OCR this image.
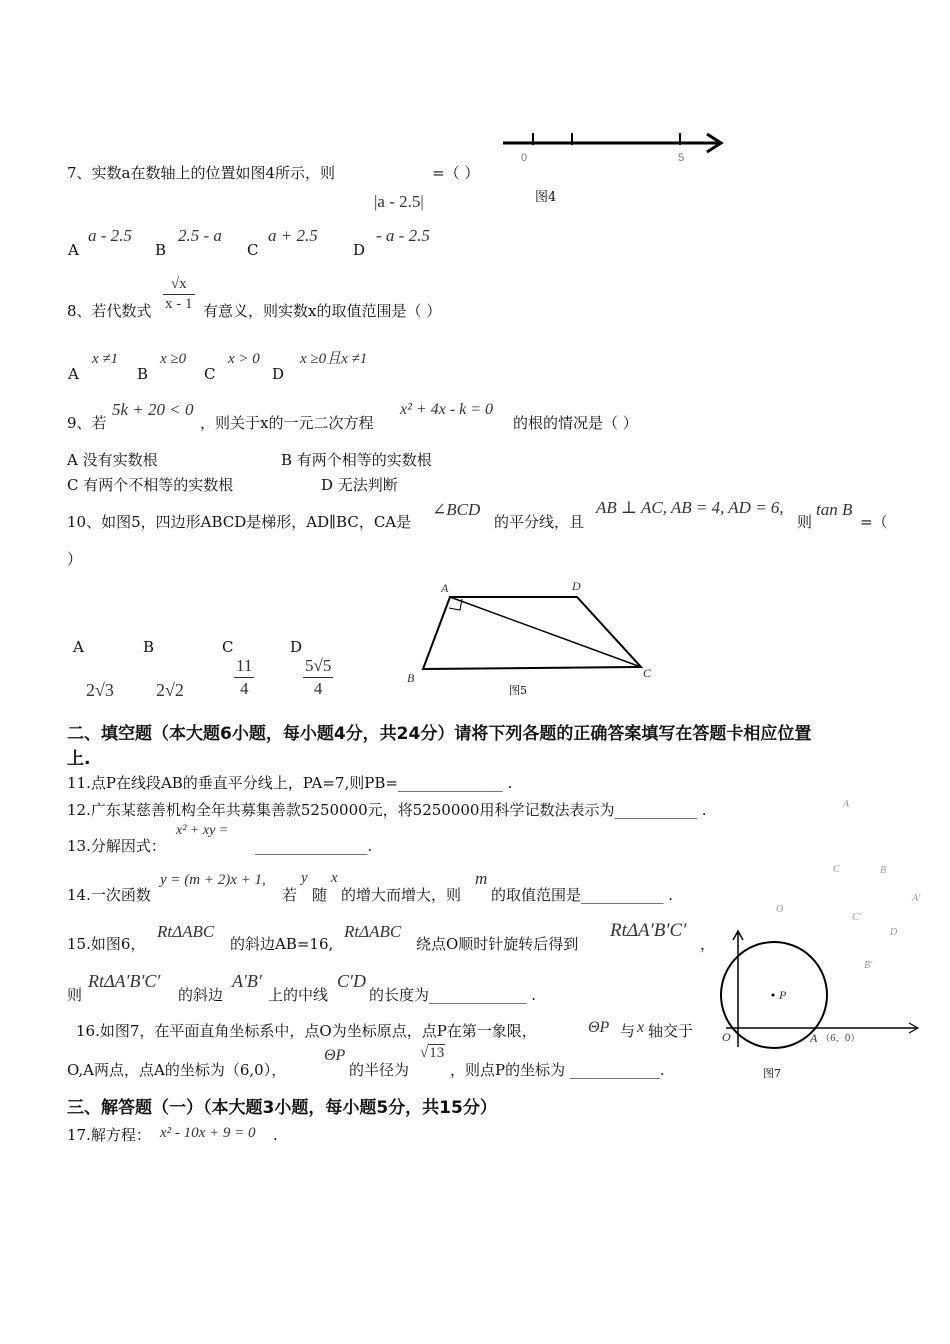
0	5
7、实数a在数轴上的位置如图4所示，则	=（ ）
|a - 2.5|	图4
A
a - 2.5
B
2.5 - a
C
a + 2.5
D
- a - 2.5
8、若代数式 $\frac{√x}{x - 1}$ 有意义，则实数x的取值范围是（ ）
A
x ≠1
B
x ≥0
C
x > 0
D
x ≥0且x ≠1
9、若
5k + 20 < 0
，则关于x的一元二次方程
x² + 4x - k = 0
的根的情况是（ ）
A 没有实数根	B 有两个相等的实数根
C 有两个不相等的实数根	D 无法判断
10、如图5，四边形ABCD是梯形，AD∥BC，CA是
∠BCD
的平分线，且
AB ⊥ AC, AB = 4, AD = 6,
则
tan B
=（
）
A	D
B	C
图5
A	B	C	D
2√3 2√2	$\frac{11}{4}$	$\frac{5√5}{4}$
二、填空题（本大题6小题，每小题4分，共24分）请将下列各题的正确答案填写在答题卡相应位置
上.
11.点P在线段AB的垂直平分线上，PA=7,则PB=______________ .
12.广东某慈善机构全年共募集善款5250000元，将5250000用科学记数法表示为___________ .
13.分解因式：
x² + xy =
_______________.
14.一次函数
y = (m + 2)x + 1,
若
y
随
x
的增大而增大，则
m
的取值范围是___________ .
15.如图6，
RtΔABC
的斜边AB=16,
RtΔABC
绕点O顺时针旋转后得到
RtΔA′B′C′
，
则
RtΔA′B′C′
的斜边
A′B′
上的中线
C′D
的长度为_____________ .
A
C	B
A′
O
C′
D
B′
O
P
A （6，0）
图7
16.如图7，在平面直角坐标系中，点O为坐标原点，点P在第一象限，	ΘP 与 x 轴交于
O,A两点，点A的坐标为（6,0），
ΘP
的半径为
√13
，则点P的坐标为 ____________.
三、解答题（一）（本大题3小题，每小题5分，共15分）
17.解方程： x² - 10x + 9 = 0 .
